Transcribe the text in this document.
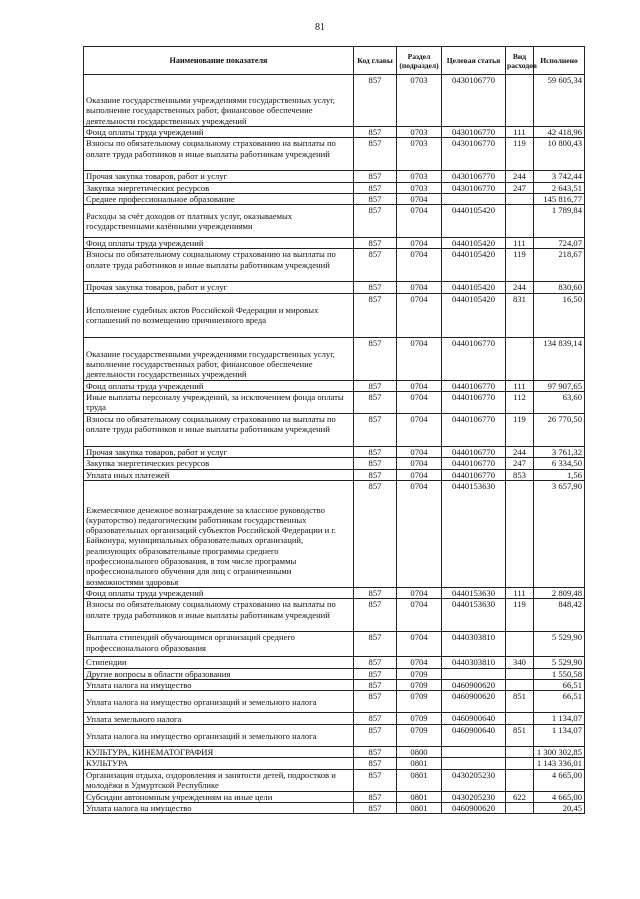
81
Наименование показателя	Код главы	Раздел (подраздел)	Целевая статья	Вид расходов	Исполнено
Оказание государственными учреждениями государственных услуг, выполнение государственных работ, финансовое обеспечение деятельности государственных учреждений	857	0703	0430106770		59 605,34
Фонд оплаты труда учреждений	857	0703	0430106770	111	42 418,96
Взносы по обязательному социальному страхованию на выплаты по оплате труда работников и иные выплаты работникам учреждений	857	0703	0430106770	119	10 800,43
Прочая закупка товаров, работ и услуг	857	0703	0430106770	244	3 742,44
Закупка энергетических ресурсов	857	0703	0430106770	247	2 643,51
Среднее профессиональное образование	857	0704			145 816,77
Расходы за счёт доходов от платных услуг, оказываемых государственными казёнными учреждениями	857	0704	0440105420		1 789,84
Фонд оплаты труда учреждений	857	0704	0440105420	111	724,07
Взносы по обязательному социальному страхованию на выплаты по оплате труда работников и иные выплаты работникам учреждений	857	0704	0440105420	119	218,67
Прочая закупка товаров, работ и услуг	857	0704	0440105420	244	830,60
Исполнение судебных актов Российской Федерации и мировых соглашений по возмещению причиненного вреда	857	0704	0440105420	831	16,50
Оказание государственными учреждениями государственных услуг, выполнение государственных работ, финансовое обеспечение деятельности государственных учреждений	857	0704	0440106770		134 839,14
Фонд оплаты труда учреждений	857	0704	0440106770	111	97 907,65
Иные выплаты персоналу учреждений, за исключением фонда оплаты труда	857	0704	0440106770	112	63,60
Взносы по обязательному социальному страхованию на выплаты по оплате труда работников и иные выплаты работникам учреждений	857	0704	0440106770	119	26 770,50
Прочая закупка товаров, работ и услуг	857	0704	0440106770	244	3 761,32
Закупка энергетических ресурсов	857	0704	0440106770	247	6 334,50
Уплата иных платежей	857	0704	0440106770	853	1,56
Ежемесячное денежное вознаграждение за классное руководство (кураторство) педагогическим работникам государственных образовательных организаций субъектов Российской Федерации и г. Байконура, муниципальных образовательных организаций, реализующих образовательные программы среднего профессионального образования, в том числе программы профессионального обучения для лиц с ограниченными возможностями здоровья	857	0704	0440153630		3 657,90
Фонд оплаты труда учреждений	857	0704	0440153630	111	2 809,48
Взносы по обязательному социальному страхованию на выплаты по оплате труда работников и иные выплаты работникам учреждений	857	0704	0440153630	119	848,42
Выплата стипендий обучающимся организаций среднего профессионального образования	857	0704	0440303810		5 529,90
Стипендии	857	0704	0440303810	340	5 529,90
Другие вопросы в области образования	857	0709			1 550,58
Уплата налога на имущество	857	0709	0460900620		66,51
Уплата налога на имущество организаций и земельного налога	857	0709	0460900620	851	66,51
Уплата земельного налога	857	0709	0460900640		1 134,07
Уплата налога на имущество организаций и земельного налога	857	0709	0460900640	851	1 134,07
КУЛЬТУРА, КИНЕМАТОГРАФИЯ	857	0800			1 300 302,85
КУЛЬТУРА	857	0801			1 143 336,01
Организация отдыха, оздоровления и занятости детей, подростков и молодёжи в Удмуртской Республике	857	0801	0430205230		4 665,00
Субсидии автономным учреждениям на иные цели	857	0801	0430205230	622	4 665,00
Уплата налога на имущество	857	0801	0460900620		20,45
